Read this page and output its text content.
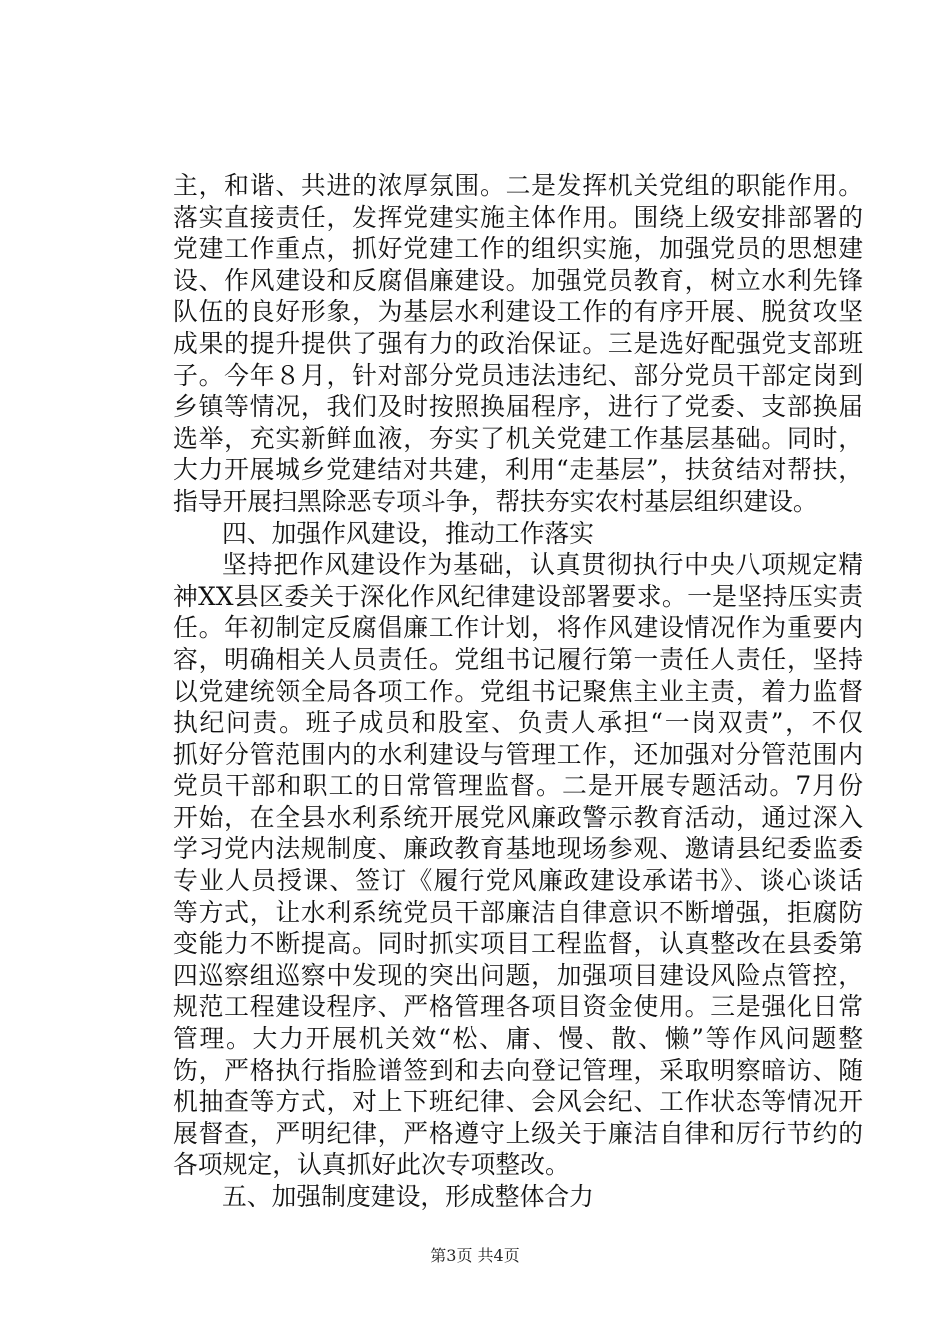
主，和谐、共进的浓厚氛围。二是发挥机关党组的职能作用。
落实直接责任，发挥党建实施主体作用。围绕上级安排部署的
党建工作重点，抓好党建工作的组织实施，加强党员的思想建
设、作风建设和反腐倡廉建设。加强党员教育，树立水利先锋
队伍的良好形象，为基层水利建设工作的有序开展、脱贫攻坚
成果的提升提供了强有力的政治保证。三是选好配强党支部班
子。今年８月，针对部分党员违法违纪、部分党员干部定岗到
乡镇等情况，我们及时按照换届程序，进行了党委、支部换届
选举，充实新鲜血液，夯实了机关党建工作基层基础。同时，
大力开展城乡党建结对共建，利用“走基层”，扶贫结对帮扶，
指导开展扫黑除恶专项斗争，帮扶夯实农村基层组织建设。
四、加强作风建设，推动工作落实
坚持把作风建设作为基础，认真贯彻执行中央八项规定精
神XX县区委关于深化作风纪律建设部署要求。一是坚持压实责
任。年初制定反腐倡廉工作计划，将作风建设情况作为重要内
容，明确相关人员责任。党组书记履行第一责任人责任，坚持
以党建统领全局各项工作。党组书记聚焦主业主责，着力监督
执纪问责。班子成员和股室、负责人承担“一岗双责”，不仅
抓好分管范围内的水利建设与管理工作，还加强对分管范围内
党员干部和职工的日常管理监督。二是开展专题活动。7月份
开始，在全县水利系统开展党风廉政警示教育活动，通过深入
学习党内法规制度、廉政教育基地现场参观、邀请县纪委监委
专业人员授课、签订《履行党风廉政建设承诺书》、谈心谈话
等方式，让水利系统党员干部廉洁自律意识不断增强，拒腐防
变能力不断提高。同时抓实项目工程监督，认真整改在县委第
四巡察组巡察中发现的突出问题，加强项目建设风险点管控，
规范工程建设程序、严格管理各项目资金使用。三是强化日常
管理。大力开展机关效“松、庸、慢、散、懒”等作风问题整
饬，严格执行指脸谱签到和去向登记管理，采取明察暗访、随
机抽查等方式，对上下班纪律、会风会纪、工作状态等情况开
展督查，严明纪律，严格遵守上级关于廉洁自律和厉行节约的
各项规定，认真抓好此次专项整改。
五、加强制度建设，形成整体合力
第3页 共4页
